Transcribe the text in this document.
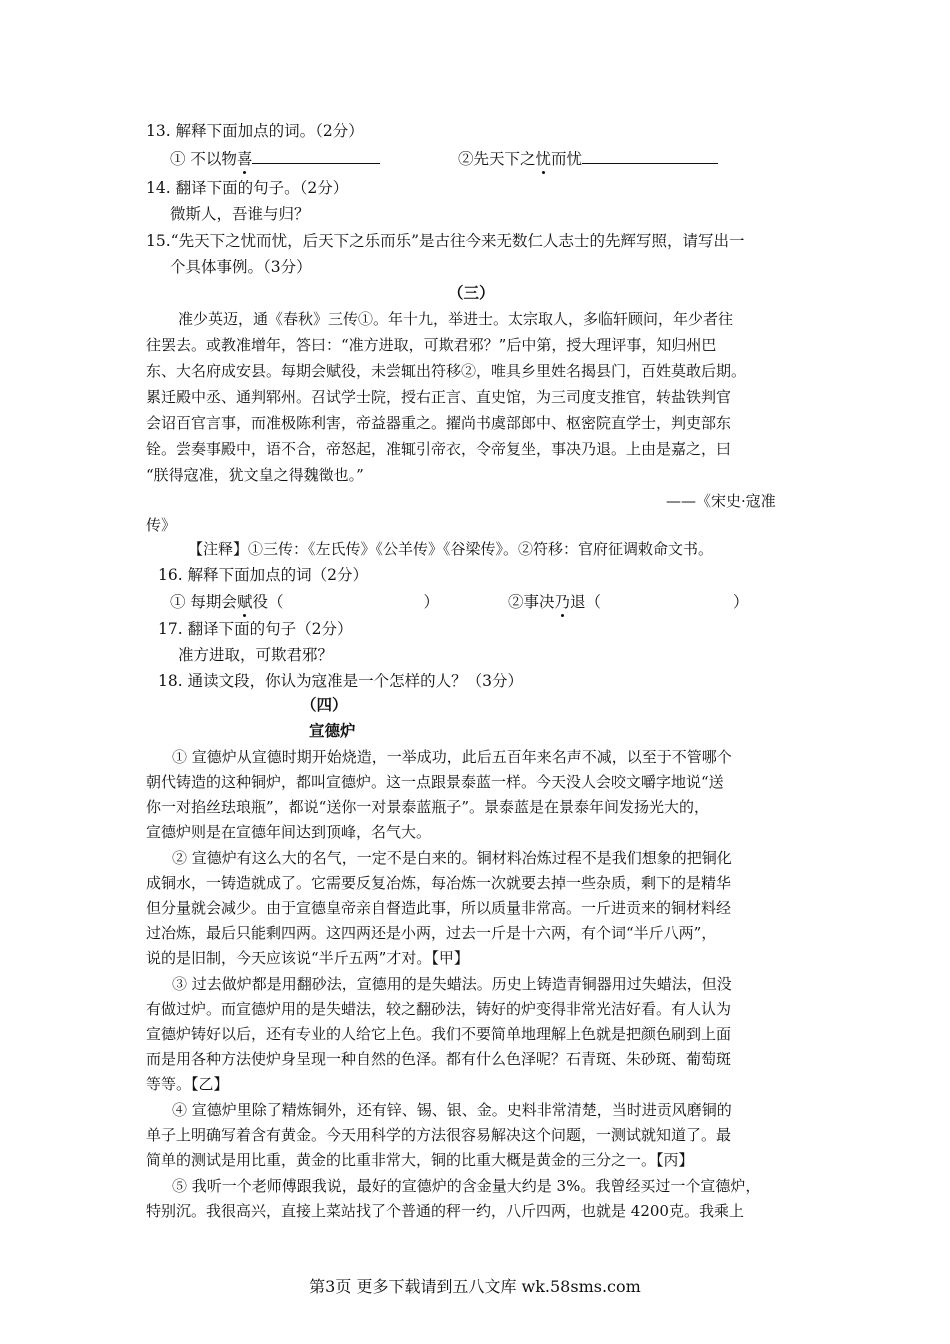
13. 解释下面加点的词。（2分）
① 不以物喜	②先天下之忧而忧
14. 翻译下面的句子。（2分）
微斯人，吾谁与归？
15.“先天下之忧而忧，后天下之乐而乐”是古往今来无数仁人志士的先辉写照，请写出一
个具体事例。（3分）
（三）
准少英迈，通《春秋》三传①。年十九，举进士。太宗取人，多临轩顾问，年少者往
往罢去。或教准增年，答曰：“准方进取，可欺君邪？”后中第，授大理评事，知归州巴
东、大名府成安县。每期会赋役，未尝辄出符移②，唯具乡里姓名揭县门，百姓莫敢后期。
累迁殿中丞、通判郓州。召试学士院，授右正言、直史馆，为三司度支推官，转盐铁判官
会诏百官言事，而准极陈利害，帝益器重之。擢尚书虞部郎中、枢密院直学士，判吏部东
铨。尝奏事殿中，语不合，帝怒起，准辄引帝衣，令帝复坐，事决乃退。上由是嘉之，曰
“朕得寇准，犹文皇之得魏徵也。”
——《宋史·寇准
传》
【注释】①三传：《左氏传》《公羊传》《谷梁传》。②符移：官府征调敕命文书。
16. 解释下面加点的词（2分）
① 每期会赋役（	）	②事决乃退（	）
17. 翻译下面的句子（2分）
准方进取，可欺君邪？
18. 通读文段，你认为寇准是一个怎样的人？（3分）
（四）
宣德炉
① 宣德炉从宣德时期开始烧造，一举成功，此后五百年来名声不减，以至于不管哪个
朝代铸造的这种铜炉，都叫宣德炉。这一点跟景泰蓝一样。今天没人会咬文嚼字地说“送
你一对掐丝珐琅瓶”，都说“送你一对景泰蓝瓶子”。景泰蓝是在景泰年间发扬光大的，
宣德炉则是在宣德年间达到顶峰，名气大。
② 宣德炉有这么大的名气，一定不是白来的。铜材料冶炼过程不是我们想象的把铜化
成铜水，一铸造就成了。它需要反复冶炼，每冶炼一次就要去掉一些杂质，剩下的是精华
但分量就会减少。由于宣德皇帝亲自督造此事，所以质量非常高。一斤进贡来的铜材料经
过冶炼，最后只能剩四两。这四两还是小两，过去一斤是十六两，有个词“半斤八两”，
说的是旧制，今天应该说“半斤五两”才对。【甲】
③ 过去做炉都是用翻砂法，宣德用的是失蜡法。历史上铸造青铜器用过失蜡法，但没
有做过炉。而宣德炉用的是失蜡法，较之翻砂法，铸好的炉变得非常光洁好看。有人认为
宣德炉铸好以后，还有专业的人给它上色。我们不要简单地理解上色就是把颜色刷到上面
而是用各种方法使炉身呈现一种自然的色泽。都有什么色泽呢？石青斑、朱砂斑、葡萄斑
等等。【乙】
④ 宣德炉里除了精炼铜外，还有锌、锡、银、金。史料非常清楚，当时进贡风磨铜的
单子上明确写着含有黄金。今天用科学的方法很容易解决这个问题，一测试就知道了。最
简单的测试是用比重，黄金的比重非常大，铜的比重大概是黄金的三分之一。【丙】
⑤ 我听一个老师傅跟我说，最好的宣德炉的含金量大约是 3%。我曾经买过一个宣德炉，
特别沉。我很高兴，直接上菜站找了个普通的秤一约，八斤四两，也就是 4200克。我乘上
第3页 更多下载请到五八文库 wk.58sms.com
